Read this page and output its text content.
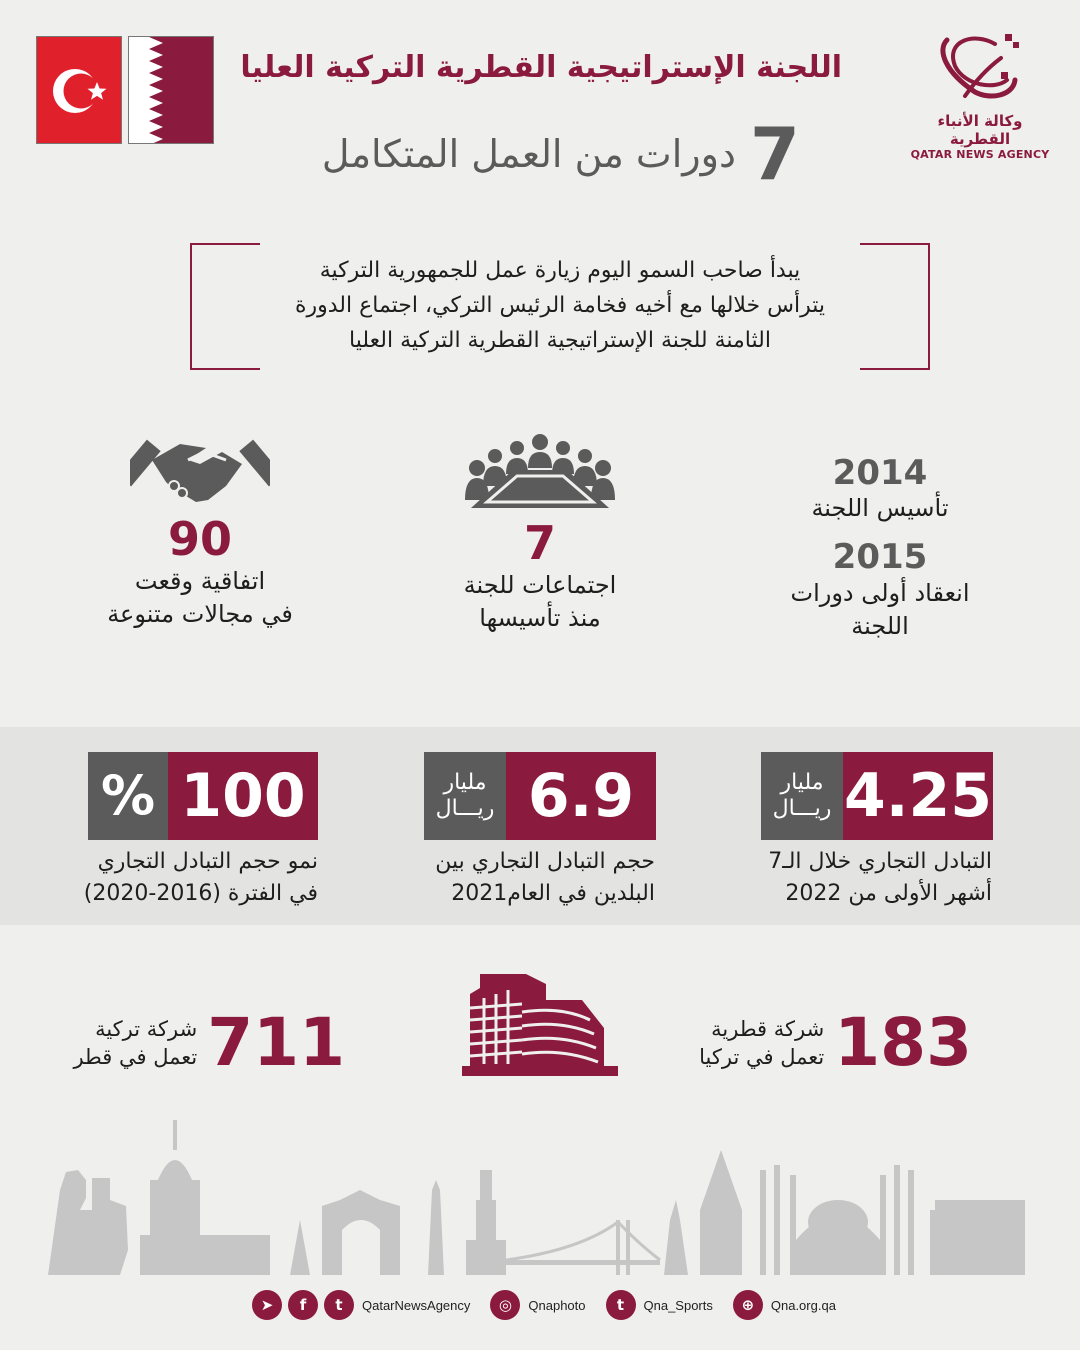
اللجنة الإستراتيجية القطرية التركية العليا
7
دورات من العمل المتكامل
وكالة الأنباء القطرية
QATAR NEWS AGENCY
يبدأ صاحب السمو اليوم زيارة عمل للجمهورية التركية
يترأس خلالها مع أخيه فخامة الرئيس التركي، اجتماع الدورة
الثامنة للجنة الإستراتيجية القطرية التركية العليا
90
اتفاقية وقعت
في مجالات متنوعة
7
اجتماعات للجنة
منذ تأسيسها
2014
تأسيس اللجنة
2015
انعقاد أولى دورات
اللجنة
مليار
ريـــال 4.25
التبادل التجاري خلال الـ7
أشهر الأولى من 2022
مليار
ريـــال 6.9
حجم التبادل التجاري بين
البلدين في العام2021
% 100
نمو حجم التبادل التجاري
في الفترة (2016-2020)
183
شركة قطرية
تعمل في تركيا
711
شركة تركية
تعمل في قطر
➤	f	t	QatarNewsAgency	◎	Qnaphoto	t	Qna_Sports	⊕	Qna.org.qa
